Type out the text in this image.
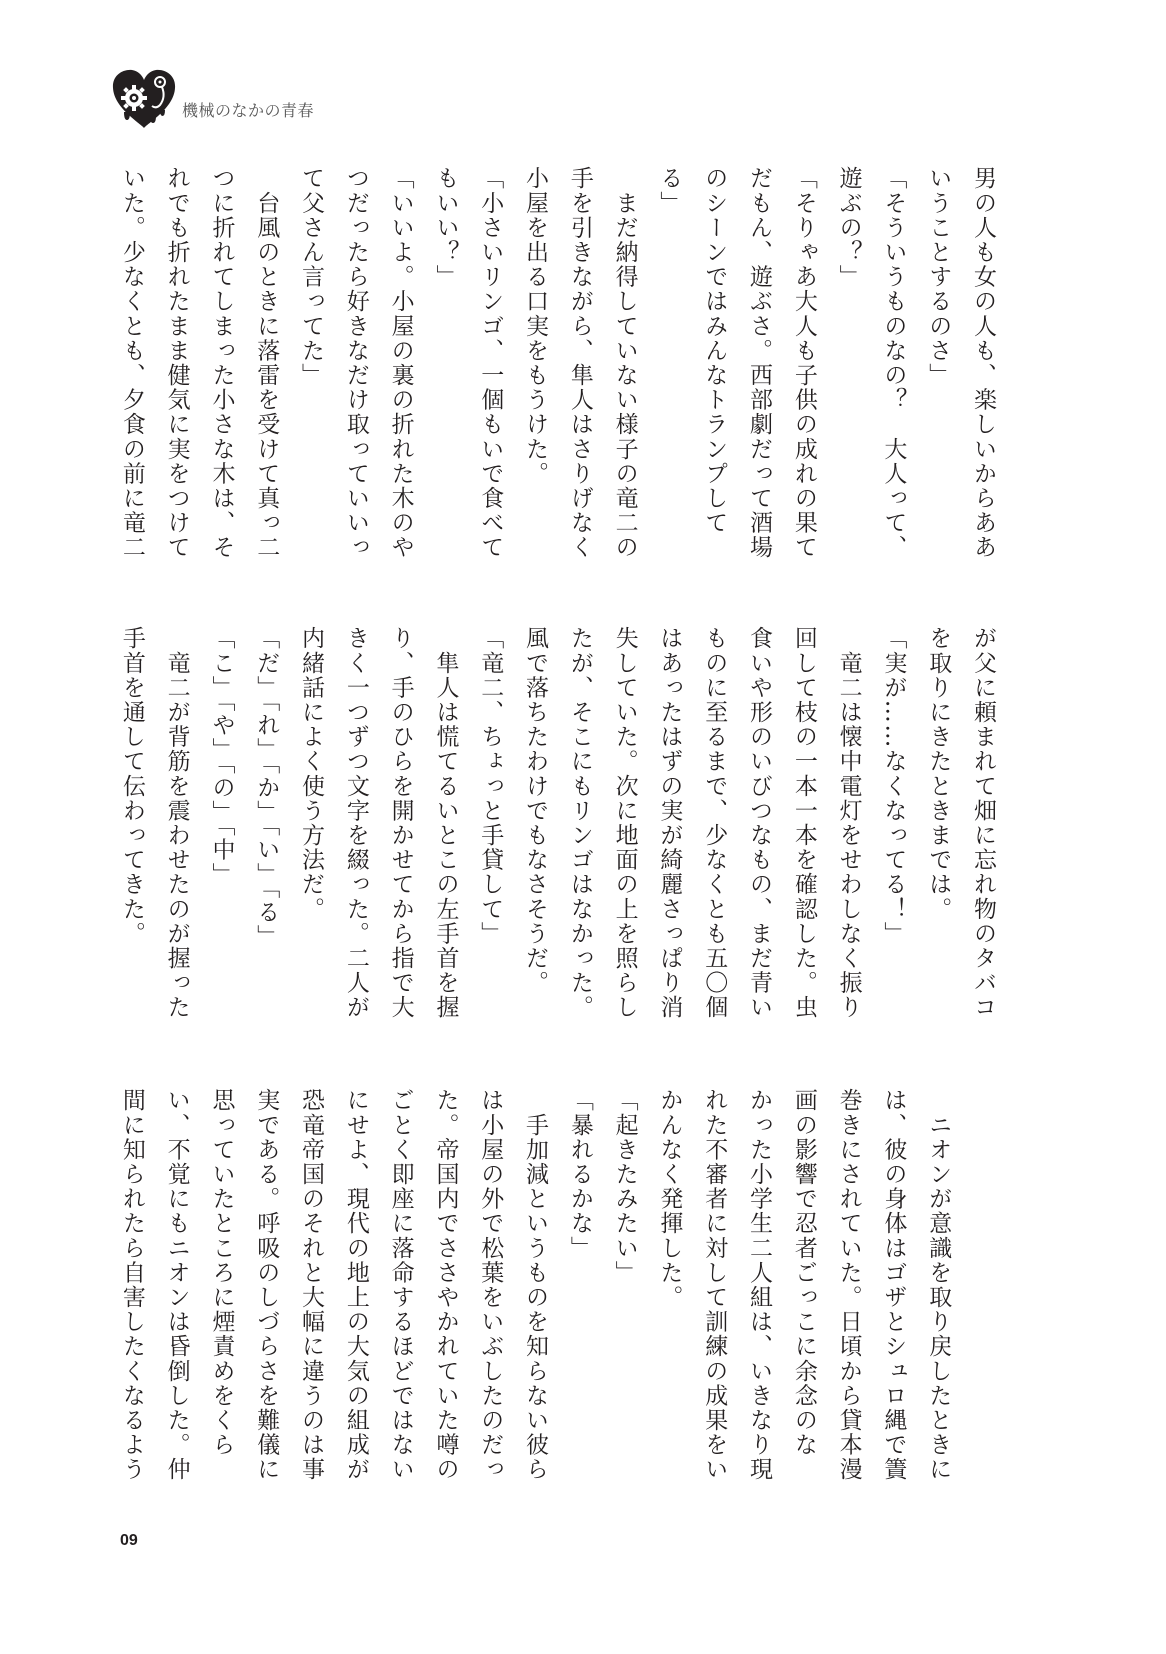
機械のなかの青春

男の人も女の人も、楽しいからああ

いうことするのさ」

「そういうものなの？　大人って、

遊ぶの？」

「そりゃあ大人も子供の成れの果て

だもん、遊ぶさ。西部劇だって酒場

のシーンではみんなトランプして

る」

　まだ納得していない様子の竜二の

手を引きながら、隼人はさりげなく

小屋を出る口実をもうけた。

「小さいリンゴ、一個もいで食べて

もいい？」

「いいよ。小屋の裏の折れた木のや

つだったら好きなだけ取っていいっ

て父さん言ってた」

　台風のときに落雷を受けて真っ二

つに折れてしまった小さな木は、そ

れでも折れたまま健気に実をつけて

いた。少なくとも、夕食の前に竜二

が父に頼まれて畑に忘れ物のタバコ

を取りにきたときまでは。

「実が……なくなってる！」

　竜二は懐中電灯をせわしなく振り

回して枝の一本一本を確認した。虫

食いや形のいびつなもの、まだ青い

ものに至るまで、少なくとも五〇個

はあったはずの実が綺麗さっぱり消

失していた。次に地面の上を照らし

たが、そこにもリンゴはなかった。

風で落ちたわけでもなさそうだ。

「竜二、ちょっと手貸して」

　隼人は慌てるいとこの左手首を握

り、手のひらを開かせてから指で大

きく一つずつ文字を綴った。二人が

内緒話によく使う方法だ。

「だ」「れ」「か」「い」「る」

「こ」「や」「の」「中」

　竜二が背筋を震わせたのが握った

手首を通して伝わってきた。

　ニオンが意識を取り戻したときに

は、彼の身体はゴザとシュロ縄で簀

巻きにされていた。日頃から貸本漫

画の影響で忍者ごっこに余念のな

かった小学生二人組は、いきなり現

れた不審者に対して訓練の成果をい

かんなく発揮した。

「起きたみたい」

「暴れるかな」

　手加減というものを知らない彼ら

は小屋の外で松葉をいぶしたのだっ

た。帝国内でささやかれていた噂の

ごとく即座に落命するほどではない

にせよ、現代の地上の大気の組成が

恐竜帝国のそれと大幅に違うのは事

実である。呼吸のしづらさを難儀に

思っていたところに煙責めをくら

い、不覚にもニオンは昏倒した。仲

間に知られたら自害したくなるよう

09
